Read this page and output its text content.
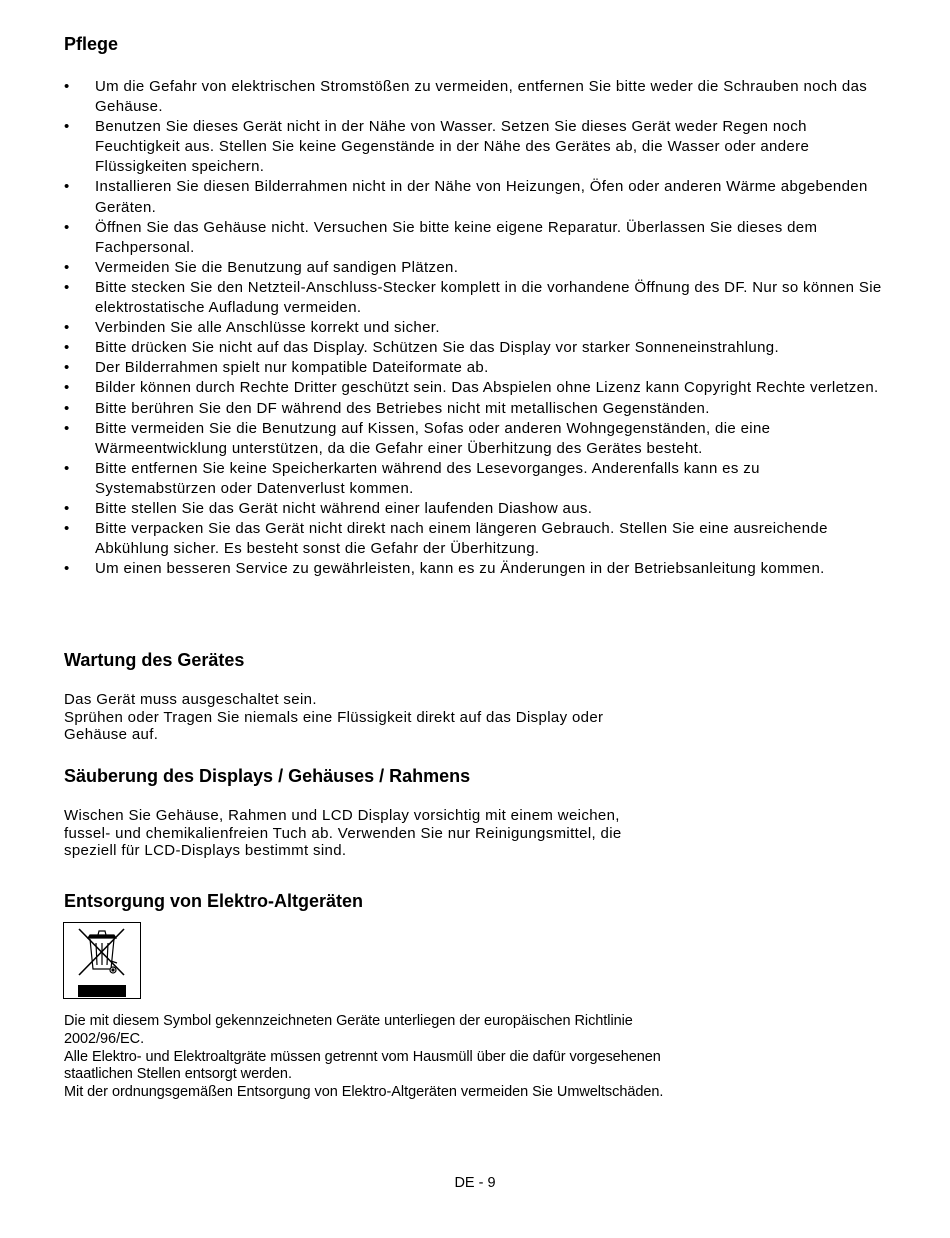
Pflege
• Um die Gefahr von elektrischen Stromstößen zu vermeiden, entfernen Sie bitte weder die Schrauben noch das Gehäuse.
• Benutzen Sie dieses Gerät nicht in der Nähe von Wasser. Setzen Sie dieses Gerät weder Regen noch Feuchtigkeit aus. Stellen Sie keine Gegenstände in der Nähe des Gerätes ab, die Wasser oder andere Flüssigkeiten speichern.
• Installieren Sie diesen Bilderrahmen nicht in der Nähe von Heizungen, Öfen oder anderen Wärme abgebenden Geräten.
• Öffnen Sie das Gehäuse nicht. Versuchen Sie bitte keine eigene Reparatur. Überlassen Sie dieses dem Fachpersonal.
• Vermeiden Sie die Benutzung auf sandigen Plätzen.
• Bitte stecken Sie den Netzteil-Anschluss-Stecker komplett in die vorhandene Öffnung des DF. Nur so können Sie elektrostatische Aufladung vermeiden.
• Verbinden Sie alle Anschlüsse korrekt und sicher.
• Bitte drücken Sie nicht auf das Display. Schützen Sie das Display vor starker Sonneneinstrahlung.
• Der Bilderrahmen spielt nur kompatible Dateiformate ab.
• Bilder können durch Rechte Dritter geschützt sein. Das Abspielen ohne Lizenz kann Copyright Rechte verletzen.
• Bitte berühren Sie den DF während des Betriebes nicht mit metallischen Gegenständen.
• Bitte vermeiden Sie die Benutzung auf Kissen, Sofas oder anderen Wohngegenständen, die eine Wärmeentwicklung unterstützen, da die Gefahr einer Überhitzung des Gerätes besteht.
• Bitte entfernen Sie keine Speicherkarten während des Lesevorganges. Anderenfalls kann es zu Systemabstürzen oder Datenverlust kommen.
• Bitte stellen Sie das Gerät nicht während einer laufenden Diashow aus.
• Bitte verpacken Sie das Gerät nicht direkt nach einem längeren Gebrauch. Stellen Sie eine ausreichende Abkühlung sicher. Es besteht sonst die Gefahr der Überhitzung.
• Um einen besseren Service zu gewährleisten, kann es zu Änderungen in der Betriebsanleitung kommen.
Wartung des Gerätes

Das Gerät muss ausgeschaltet sein.

Sprühen oder Tragen Sie niemals eine Flüssigkeit direkt auf das Display oder

Gehäuse auf.

Säuberung des Displays / Gehäuses / Rahmens

Wischen Sie Gehäuse, Rahmen und LCD Display vorsichtig mit einem weichen,

fussel- und chemikalienfreien Tuch ab. Verwenden Sie nur Reinigungsmittel, die

speziell für LCD-Displays bestimmt sind.

Entsorgung von Elektro-Altgeräten

Die mit diesem Symbol gekennzeichneten Geräte unterliegen der europäischen Richtlinie

2002/96/EC.

Alle Elektro- und Elektroaltgräte müssen getrennt vom Hausmüll über die dafür vorgesehenen

staatlichen Stellen entsorgt werden.

Mit der ordnungsgemäßen Entsorgung von Elektro-Altgeräten vermeiden Sie Umweltschäden.

DE - 9
